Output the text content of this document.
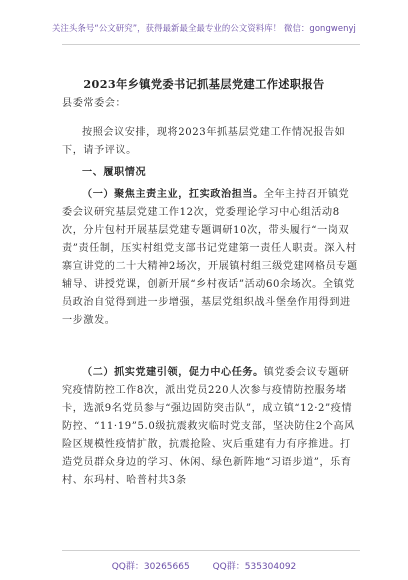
关注头条号“公文研究”，获得最新最全最专业的公文资料库！ 微信：gongwenyj
2023年乡镇党委书记抓基层党建工作述职报告
县委常委会：
按照会议安排，现将2023年抓基层党建工作情况报告如下，请予评议。
一、履职情况
（一）聚焦主责主业，扛实政治担当。全年主持召开镇党委会议研究基层党建工作12次，党委理论学习中心组活动8次，分片包村开展基层党建专题调研10次，带头履行“一岗双责”责任制，压实村组党支部书记党建第一责任人职责。深入村寨宣讲党的二十大精神2场次，开展镇村组三级党建网格员专题辅导、讲授党课，创新开展“乡村夜话”活动60余场次。全镇党员政治自觉得到进一步增强，基层党组织战斗堡垒作用得到进一步激发。
（二）抓实党建引领，促力中心任务。镇党委会议专题研究疫情防控工作8次，派出党员220人次参与疫情防控服务堵卡，选派9名党员参与“强边固防突击队”，成立镇“12·2”疫情防控、“11·19”5.0级抗震救灾临时党支部，坚决防住2个高风险区规模性疫情扩散，抗震抢险、灾后重建有力有序推进。打造党员群众身边的学习、休闲、绿色新阵地“习语步道”，乐育村、东玛村、哈普村共3条
QQ群：30265665	QQ群：535304092
